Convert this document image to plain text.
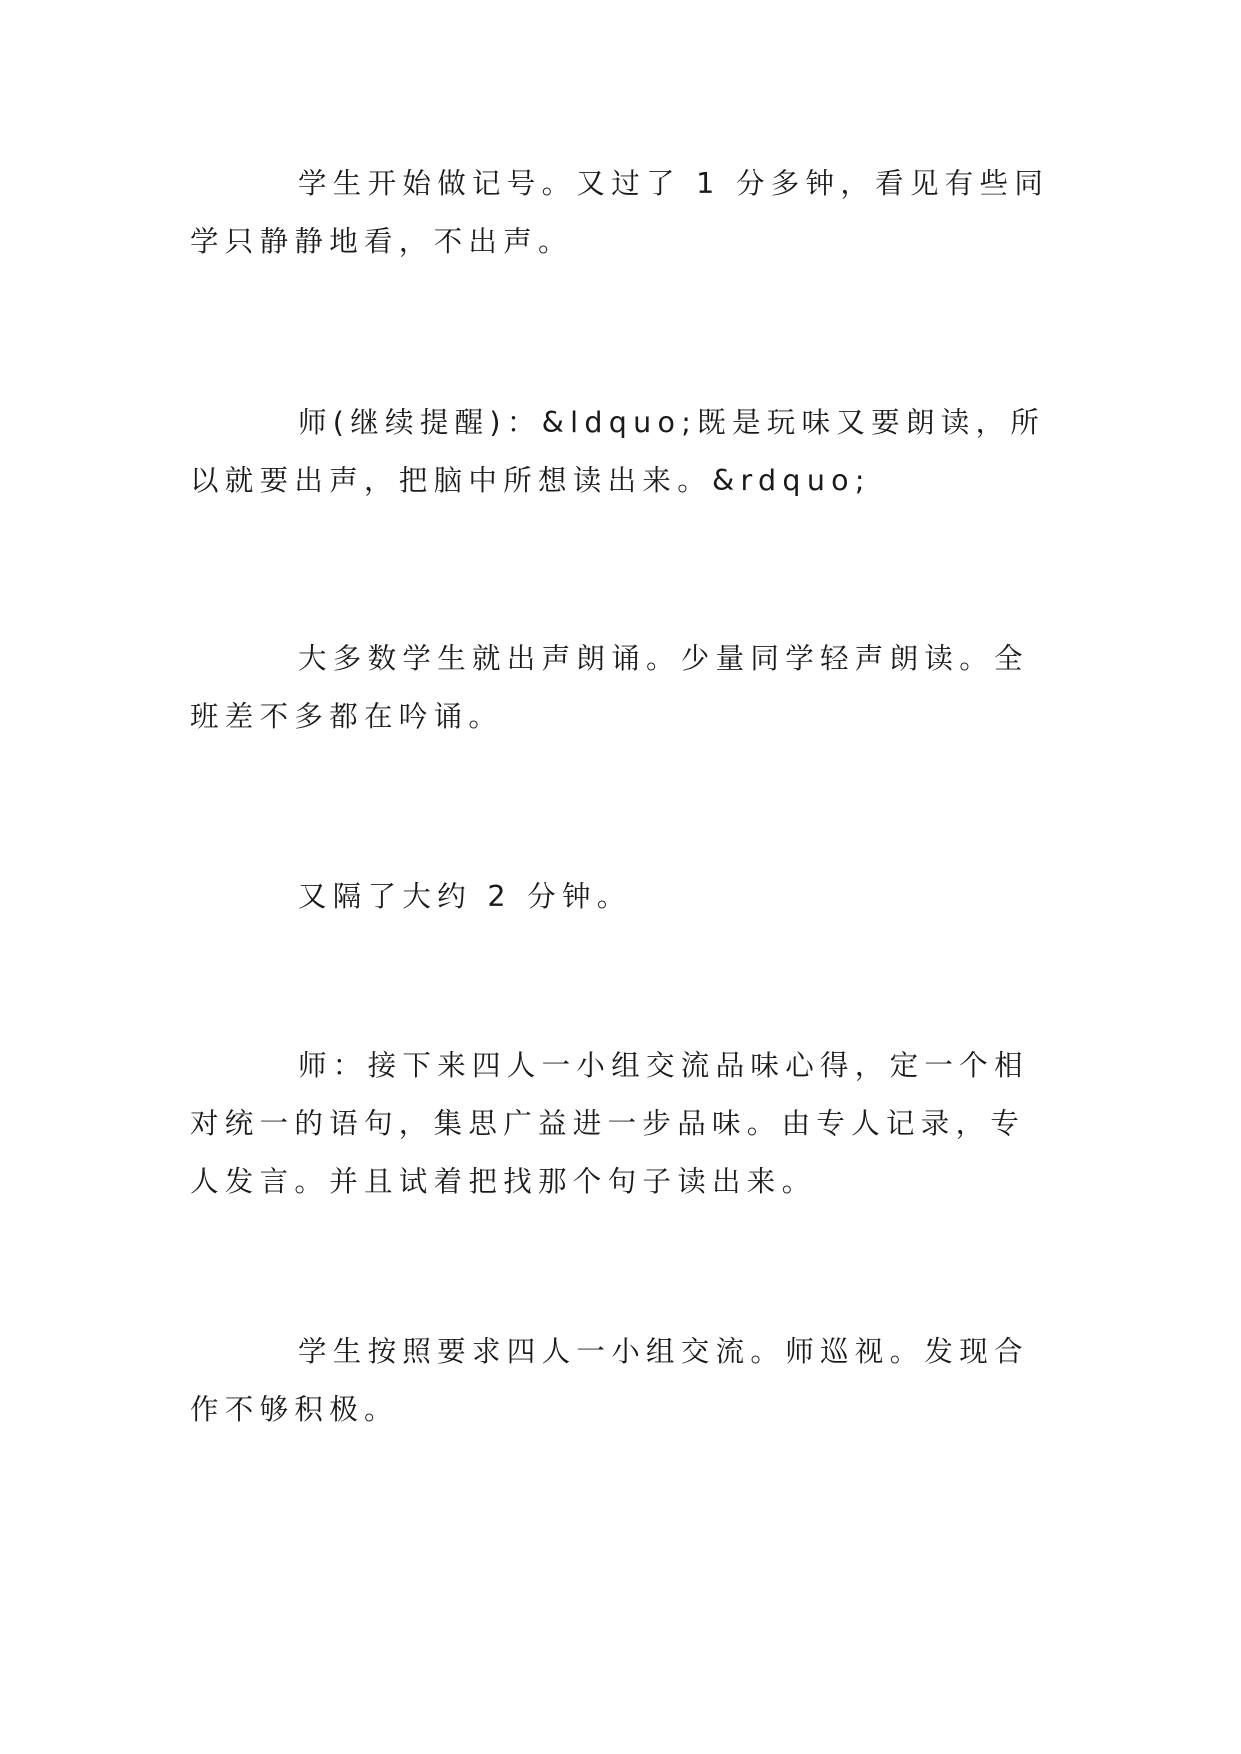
学生开始做记号。又过了 1 分多钟，看见有些同学只静静地看，不出声。

师(继续提醒)：&ldquo;既是玩味又要朗读，所以就要出声，把脑中所想读出来。&rdquo;

大多数学生就出声朗诵。少量同学轻声朗读。全班差不多都在吟诵。

又隔了大约 2 分钟。

师：接下来四人一小组交流品味心得，定一个相对统一的语句，集思广益进一步品味。由专人记录，专人发言。并且试着把找那个句子读出来。

学生按照要求四人一小组交流。师巡视。发现合作不够积极。
